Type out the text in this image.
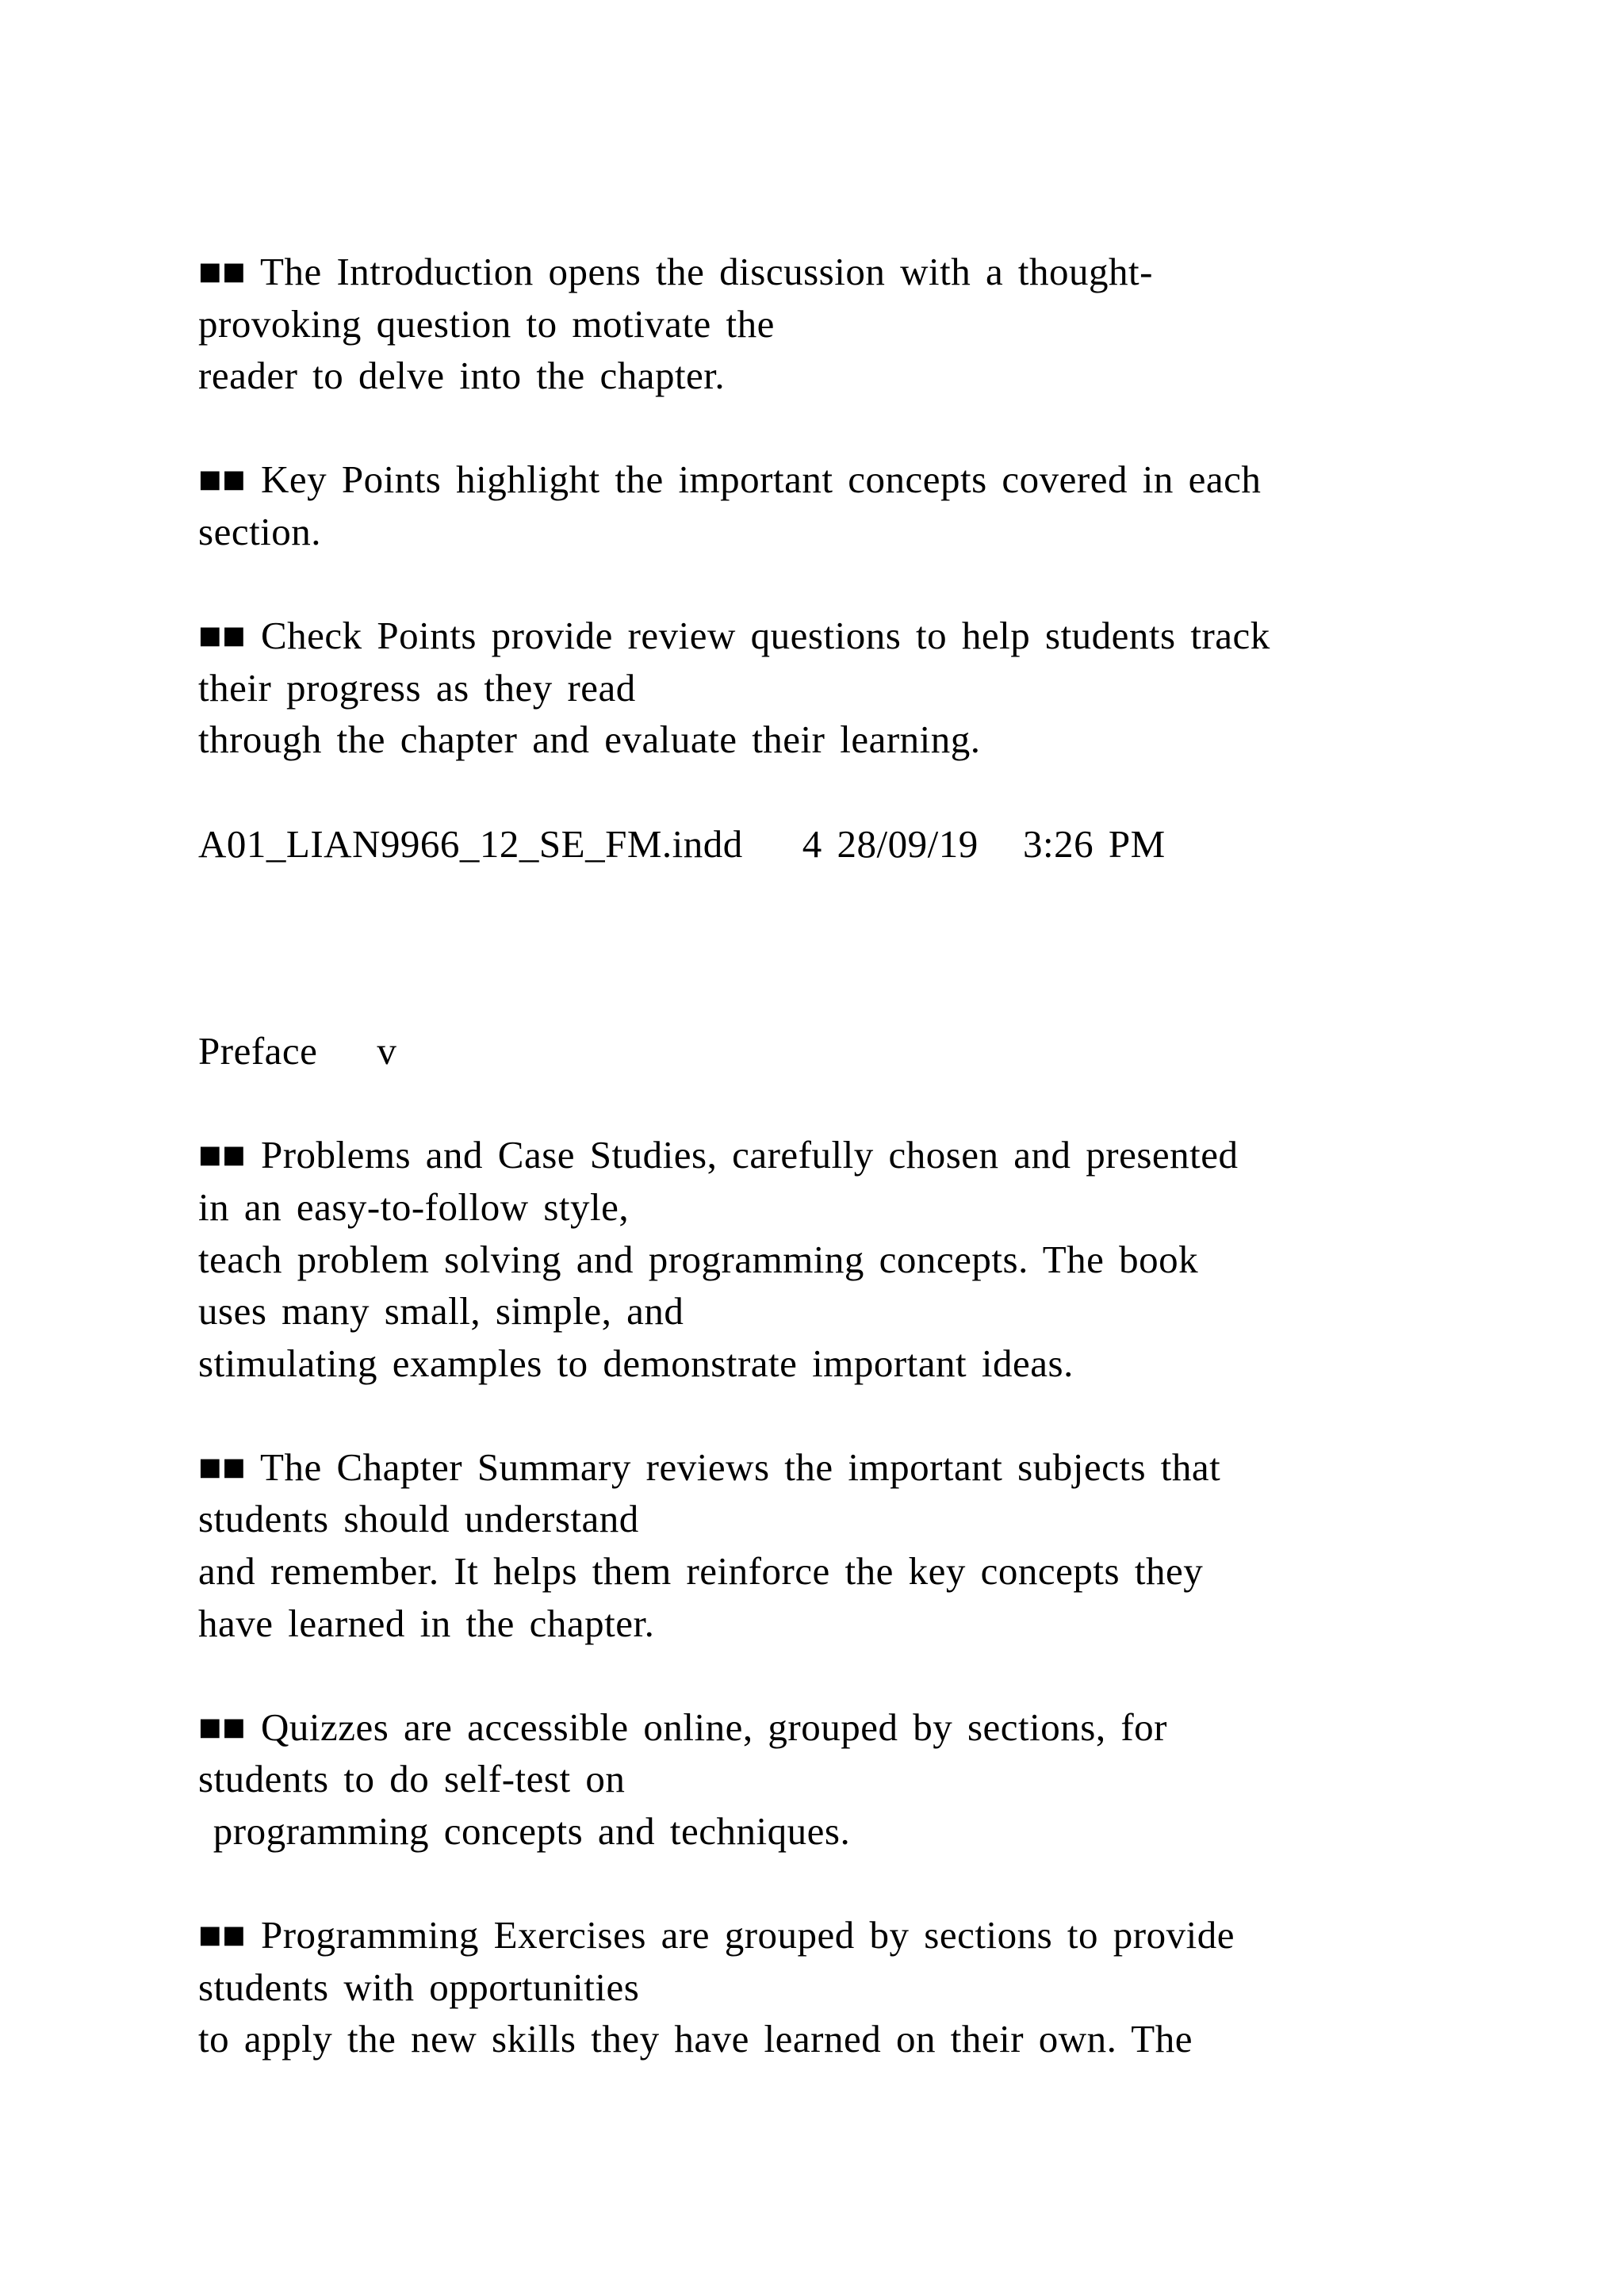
■■ The Introduction opens the discussion with a thought-
provoking question to motivate the
reader to delve into the chapter.
■■ Key Points highlight the important concepts covered in each
section.
■■ Check Points provide review questions to help students track
their progress as they read
through the chapter and evaluate their learning.
A01_LIAN9966_12_SE_FM.indd    4 28/09/19   3:26 PM
Preface    v
■■ Problems and Case Studies, carefully chosen and presented
in an easy-to-follow style,
teach problem solving and programming concepts. The book
uses many small, simple, and
stimulating examples to demonstrate important ideas.
■■ The Chapter Summary reviews the important subjects that
students should understand
and remember. It helps them reinforce the key concepts they
have learned in the chapter.
■■ Quizzes are accessible online, grouped by sections, for
students to do self-test on
programming concepts and techniques.
■■ Programming Exercises are grouped by sections to provide
students with opportunities
to apply the new skills they have learned on their own. The
